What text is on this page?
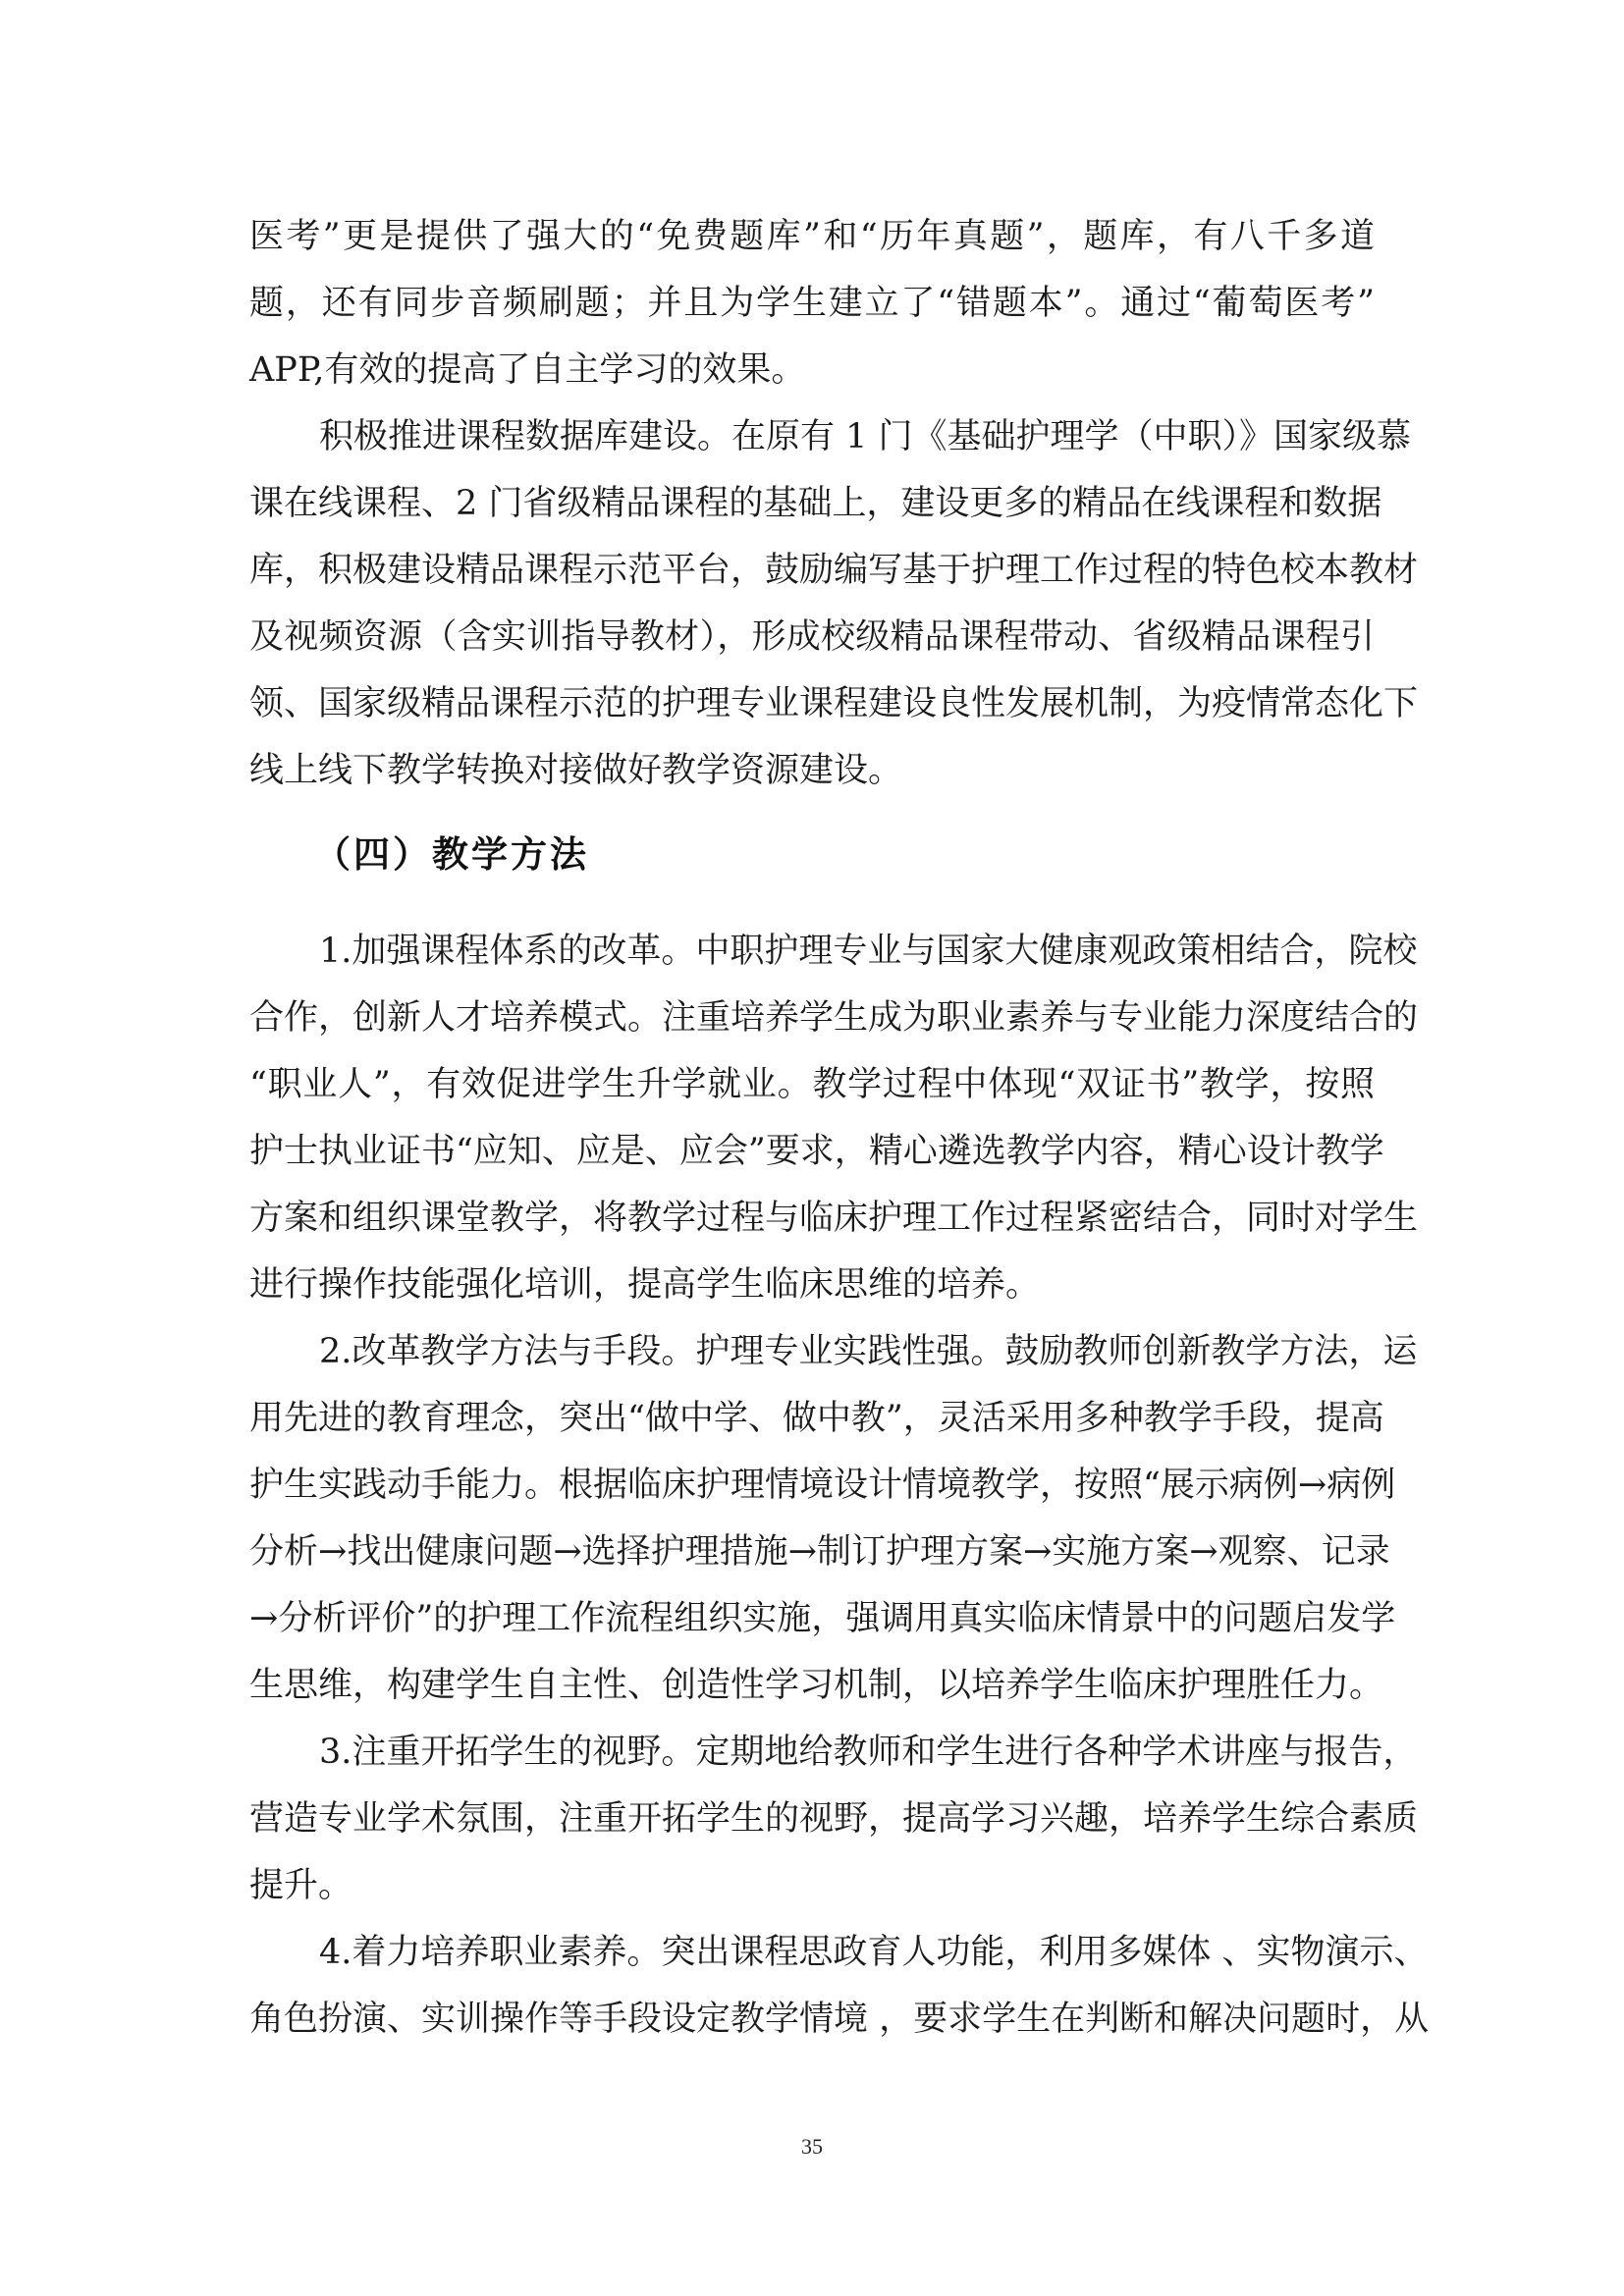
医考”更是提供了强大的“免费题库”和“历年真题”，题库，有八千多道
题，还有同步音频刷题；并且为学生建立了“错题本”。通过“葡萄医考”
APP,有效的提高了自主学习的效果。
积极推进课程数据库建设。在原有 1 门《基础护理学（中职）》国家级慕
课在线课程、2 门省级精品课程的基础上，建设更多的精品在线课程和数据
库，积极建设精品课程示范平台，鼓励编写基于护理工作过程的特色校本教材
及视频资源（含实训指导教材），形成校级精品课程带动、省级精品课程引
领、国家级精品课程示范的护理专业课程建设良性发展机制，为疫情常态化下
线上线下教学转换对接做好教学资源建设。
（四）教学方法
1.加强课程体系的改革。中职护理专业与国家大健康观政策相结合，院校
合作，创新人才培养模式。注重培养学生成为职业素养与专业能力深度结合的
“职业人”，有效促进学生升学就业。教学过程中体现“双证书”教学，按照
护士执业证书“应知、应是、应会”要求，精心遴选教学内容，精心设计教学
方案和组织课堂教学，将教学过程与临床护理工作过程紧密结合，同时对学生
进行操作技能强化培训，提高学生临床思维的培养。
2.改革教学方法与手段。护理专业实践性强。鼓励教师创新教学方法，运
用先进的教育理念，突出“做中学、做中教”，灵活采用多种教学手段，提高
护生实践动手能力。根据临床护理情境设计情境教学，按照“展示病例→病例
分析→找出健康问题→选择护理措施→制订护理方案→实施方案→观察、记录
→分析评价”的护理工作流程组织实施，强调用真实临床情景中的问题启发学
生思维，构建学生自主性、创造性学习机制，以培养学生临床护理胜任力。
3.注重开拓学生的视野。定期地给教师和学生进行各种学术讲座与报告，
营造专业学术氛围，注重开拓学生的视野，提高学习兴趣，培养学生综合素质
提升。
4.着力培养职业素养。突出课程思政育人功能，利用多媒体 、实物演示、
角色扮演、实训操作等手段设定教学情境 ，要求学生在判断和解决问题时，从
35
